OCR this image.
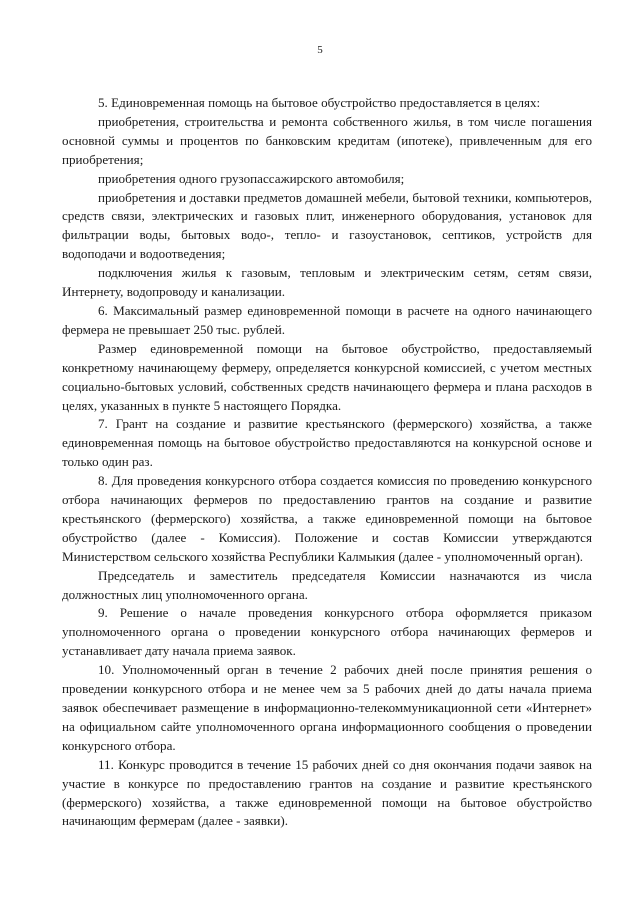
5

5. Единовременная помощь на бытовое обустройство предоставляется в целях:

приобретения, строительства и ремонта собственного жилья, в том числе погашения основной суммы и процентов по банковским кредитам (ипотеке), привлеченным для его приобретения;

приобретения одного грузопассажирского автомобиля;

приобретения и доставки предметов домашней мебели, бытовой техники, компьютеров, средств связи, электрических и газовых плит, инженерного оборудования, установок для фильтрации воды, бытовых водо-, тепло- и газоустановок, септиков, устройств для водоподачи и водоотведения;

подключения жилья к газовым, тепловым и электрическим сетям, сетям связи, Интернету, водопроводу и канализации.

6. Максимальный размер единовременной помощи в расчете на одного начинающего фермера не превышает 250 тыс. рублей.

Размер единовременной помощи на бытовое обустройство, предоставляемый конкретному начинающему фермеру, определяется конкурсной комиссией, с учетом местных социально-бытовых условий, собственных средств начинающего фермера и плана расходов в целях, указанных в пункте 5 настоящего Порядка.

7. Грант на создание и развитие крестьянского (фермерского) хозяйства, а также единовременная помощь на бытовое обустройство предоставляются на конкурсной основе и только один раз.

8. Для проведения конкурсного отбора создается комиссия по проведению конкурсного отбора начинающих фермеров по предоставлению грантов на создание и развитие крестьянского (фермерского) хозяйства, а также единовременной помощи на бытовое обустройство (далее - Комиссия). Положение и состав Комиссии утверждаются Министерством сельского хозяйства Республики Калмыкия (далее - уполномоченный орган).

Председатель и заместитель председателя Комиссии назначаются из числа должностных лиц уполномоченного органа.

9. Решение о начале проведения конкурсного отбора оформляется приказом уполномоченного органа о проведении конкурсного отбора начинающих фермеров и устанавливает дату начала приема заявок.

10. Уполномоченный орган в течение 2 рабочих дней после принятия решения о проведении конкурсного отбора и не менее чем за 5 рабочих дней до даты начала приема заявок обеспечивает размещение в информационно-телекоммуникационной сети «Интернет» на официальном сайте уполномоченного органа информационного сообщения о проведении конкурсного отбора.

11. Конкурс проводится в течение 15 рабочих дней со дня окончания подачи заявок на участие в конкурсе по предоставлению грантов на создание и развитие крестьянского (фермерского) хозяйства, а также единовременной помощи на бытовое обустройство начинающим фермерам (далее - заявки).
